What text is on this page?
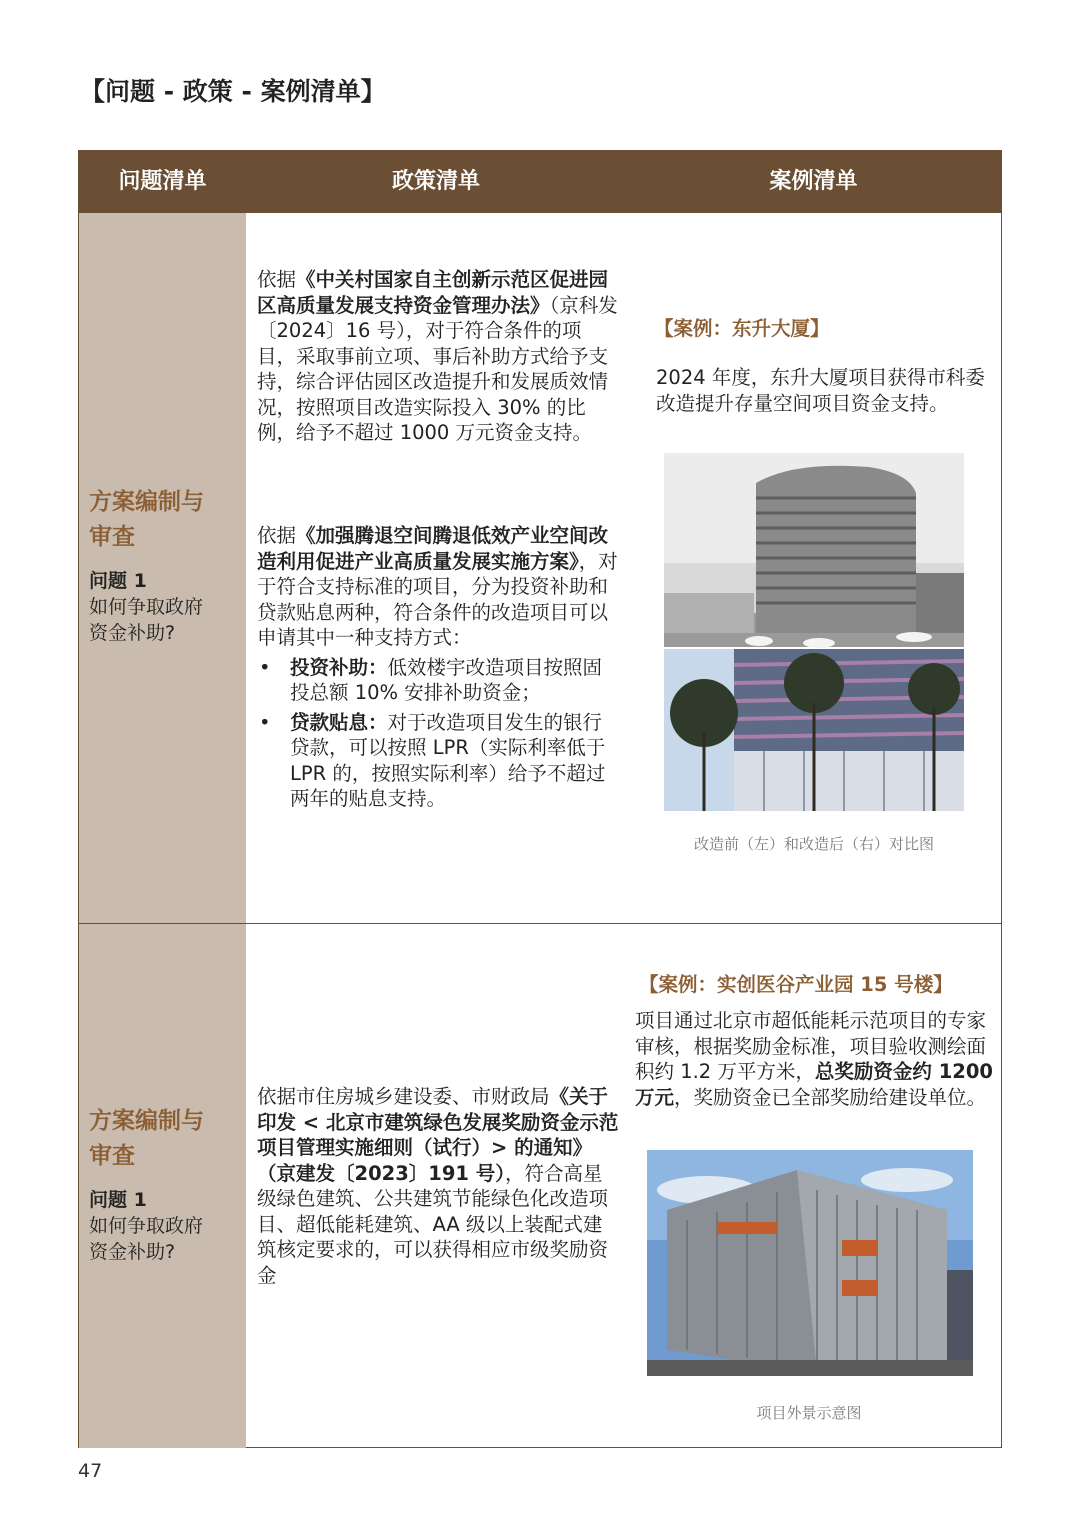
【问题 - 政策 - 案例清单】
问题清单	政策清单	案例清单
方案编制与
审查
问题 1
如何争取政府
资金补助?
依据《中关村国家自主创新示范区促进园区高质量发展支持资金管理办法》（京科发〔2024〕16 号），对于符合条件的项目，采取事前立项、事后补助方式给予支持，综合评估园区改造提升和发展质效情况，按照项目改造实际投入 30% 的比例，给予不超过 1000 万元资金支持。
依据《加强腾退空间腾退低效产业空间改造利用促进产业高质量发展实施方案》，对于符合支持标准的项目，分为投资补助和贷款贴息两种，符合条件的改造项目可以申请其中一种支持方式：
• 投资补助：低效楼宇改造项目按照固投总额 10% 安排补助资金；
• 贷款贴息：对于改造项目发生的银行贷款，可以按照 LPR（实际利率低于 LPR 的，按照实际利率）给予不超过两年的贴息支持。
【案例：东升大厦】
2024 年度，东升大厦项目获得市科委改造提升存量空间项目资金支持。
改造前（左）和改造后（右）对比图
方案编制与
审查
问题 1
如何争取政府
资金补助?
依据市住房城乡建设委、市财政局《关于印发 < 北京市建筑绿色发展奖励资金示范项目管理实施细则（试行）> 的通知》（京建发〔2023〕191 号），符合高星级绿色建筑、公共建筑节能绿色化改造项目、超低能耗建筑、AA 级以上装配式建筑核定要求的，可以获得相应市级奖励资金
【案例：实创医谷产业园 15 号楼】
项目通过北京市超低能耗示范项目的专家审核，根据奖励金标准，项目验收测绘面积约 1.2 万平方米，总奖励资金约 1200 万元，奖励资金已全部奖励给建设单位。
项目外景示意图
47
